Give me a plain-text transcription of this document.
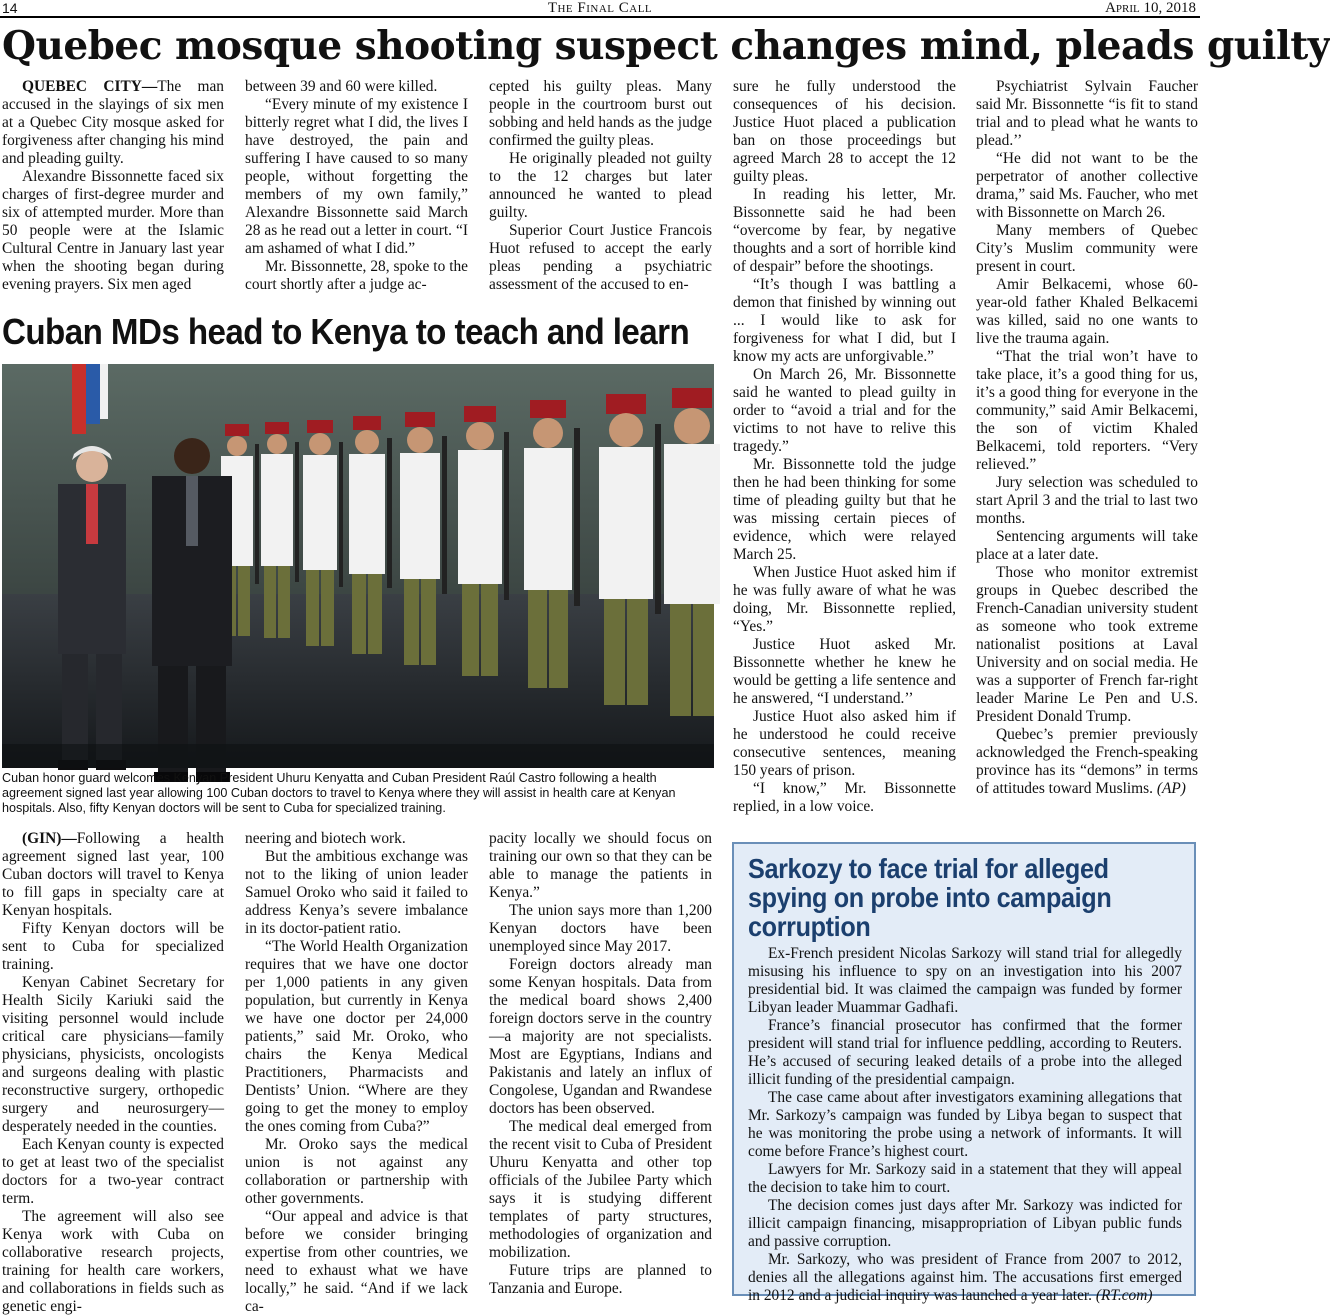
14	The Final Call	April 10, 2018
Quebec mosque shooting suspect changes mind, pleads guilty

QUEBEC CITY—The man accused in the slayings of six men at a Quebec City mosque asked for forgiveness after changing his mind and pleading guilty.

Alexandre Bissonnette faced six charges of first-degree murder and six of attempted murder. More than 50 people were at the Islamic Cultural Centre in January last year when the shooting began during evening prayers. Six men aged

between 39 and 60 were killed.

“Every minute of my existence I bitterly regret what I did, the lives I have destroyed, the pain and suffering I have caused to so many people, without forgetting the members of my own family,” Alexandre Bissonnette said March 28 as he read out a letter in court. “I am ashamed of what I did.”

Mr. Bissonnette, 28, spoke to the court shortly after a judge ac-

cepted his guilty pleas. Many people in the courtroom burst out sobbing and held hands as the judge confirmed the guilty pleas.

He originally pleaded not guilty to the 12 charges but later announced he wanted to plead guilty.

Superior Court Justice Francois Huot refused to accept the early pleas pending a psychiatric assessment of the accused to en-

sure he fully understood the consequences of his decision. Justice Huot placed a publication ban on those proceedings but agreed March 28 to accept the 12 guilty pleas.

In reading his letter, Mr. Bissonnette said he had been “overcome by fear, by negative thoughts and a sort of horrible kind of despair” before the shootings.

“It’s though I was battling a demon that finished by winning out ... I would like to ask for forgiveness for what I did, but I know my acts are unforgivable.”

On March 26, Mr. Bissonnette said he wanted to plead guilty in order to “avoid a trial and for the victims to not have to relive this tragedy.”

Mr. Bissonnette told the judge then he had been thinking for some time of pleading guilty but that he was missing certain pieces of evidence, which were relayed March 25.

When Justice Huot asked him if he was fully aware of what he was doing, Mr. Bissonnette replied, “Yes.”

Justice Huot asked Mr. Bissonnette whether he knew he would be getting a life sentence and he answered, “I understand.’’

Justice Huot also asked him if he understood he could receive consecutive sentences, meaning 150 years of prison.

“I know,” Mr. Bissonnette replied, in a low voice.

Psychiatrist Sylvain Faucher said Mr. Bissonnette “is fit to stand trial and to plead what he wants to plead.’’

“He did not want to be the perpetrator of another collective drama,” said Ms. Faucher, who met with Bissonnette on March 26.

Many members of Quebec City’s Muslim community were present in court.

Amir Belkacemi, whose 60-year-old father Khaled Belkacemi was killed, said no one wants to live the trauma again.

“That the trial won’t have to take place, it’s a good thing for us, it’s a good thing for everyone in the community,” said Amir Belkacemi, the son of victim Khaled Belkacemi, told reporters. “Very relieved.”

Jury selection was scheduled to start April 3 and the trial to last two months.

Sentencing arguments will take place at a later date.

Those who monitor extremist groups in Quebec described the French-Canadian university student as someone who took extreme nationalist positions at Laval University and on social media. He was a supporter of French far-right leader Marine Le Pen and U.S. President Donald Trump.

Quebec’s premier previously acknowledged the French-speaking province has its “demons” in terms of attitudes toward Muslims. (AP)

Cuban MDs head to Kenya to teach and learn

Cuban honor guard welcomes Kenyan President Uhuru Kenyatta and Cuban President Raúl Castro following a health agreement signed last year allowing 100 Cuban doctors to travel to Kenya where they will assist in health care at Kenyan hospitals. Also, fifty Kenyan doctors will be sent to Cuba for specialized training.

(GIN)—Following a health agreement signed last year, 100 Cuban doctors will travel to Kenya to fill gaps in specialty care at Kenyan hospitals.

Fifty Kenyan doctors will be sent to Cuba for specialized training.

Kenyan Cabinet Secretary for Health Sicily Kariuki said the visiting personnel would include critical care physicians—family physicians, physicists, oncologists and surgeons dealing with plastic reconstructive surgery, orthopedic surgery and neurosurgery—desperately needed in the counties.

Each Kenyan county is expected to get at least two of the specialist doctors for a two-year contract term.

The agreement will also see Kenya work with Cuba on collaborative research projects, training for health care workers, and collaborations in fields such as genetic engi-

neering and biotech work.

But the ambitious exchange was not to the liking of union leader Samuel Oroko who said it failed to address Kenya’s severe imbalance in its doctor-patient ratio.

“The World Health Organization requires that we have one doctor per 1,000 patients in any given population, but currently in Kenya we have one doctor per 24,000 patients,” said Mr. Oroko, who chairs the Kenya Medical Practitioners, Pharmacists and Dentists’ Union. “Where are they going to get the money to employ the ones coming from Cuba?”

Mr. Oroko says the medical union is not against any collaboration or partnership with other governments.

“Our appeal and advice is that before we consider bringing expertise from other countries, we need to exhaust what we have locally,” he said. “And if we lack ca-

pacity locally we should focus on training our own so that they can be able to manage the patients in Kenya.”

The union says more than 1,200 Kenyan doctors have been unemployed since May 2017.

Foreign doctors already man some Kenyan hospitals. Data from the medical board shows 2,400 foreign doctors serve in the country—a majority are not specialists. Most are Egyptians, Indians and Pakistanis and lately an influx of Congolese, Ugandan and Rwandese doctors has been observed.

The medical deal emerged from the recent visit to Cuba of President Uhuru Kenyatta and other top officials of the Jubilee Party which says it is studying different templates of party structures, methodologies of organization and mobilization.

Future trips are planned to Tanzania and Europe.

Sarkozy to face trial for alleged spying on probe into campaign corruption

Ex-French president Nicolas Sarkozy will stand trial for allegedly misusing his influence to spy on an investigation into his 2007 presidential bid. It was claimed the campaign was funded by former Libyan leader Muammar Gadhafi.

France’s financial prosecutor has confirmed that the former president will stand trial for influence peddling, according to Reuters. He’s accused of securing leaked details of a probe into the alleged illicit funding of the presidential campaign.

The case came about after investigators examining allegations that Mr. Sarkozy’s campaign was funded by Libya began to suspect that he was monitoring the probe using a network of informants. It will come before France’s highest court.

Lawyers for Mr. Sarkozy said in a statement that they will appeal the decision to take him to court.

The decision comes just days after Mr. Sarkozy was indicted for illicit campaign financing, misappropriation of Libyan public funds and passive corruption.

Mr. Sarkozy, who was president of France from 2007 to 2012, denies all the allegations against him. The accusations first emerged in 2012 and a judicial inquiry was launched a year later. (RT.com)
